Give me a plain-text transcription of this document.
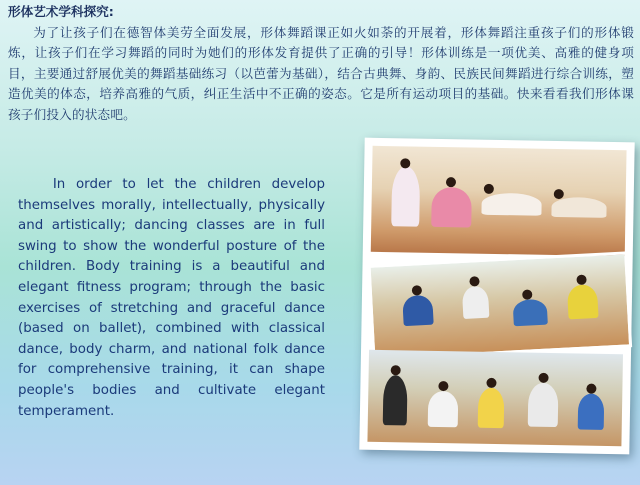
形体艺术学科探究:
为了让孩子们在德智体美劳全面发展，形体舞蹈课正如火如荼的开展着，形体舞蹈注重孩子们的形体锻炼，让孩子们在学习舞蹈的同时为她们的形体发育提供了正确的引导！形体训练是一项优美、高雅的健身项目，主要通过舒展优美的舞蹈基础练习（以芭蕾为基础），结合古典舞、身韵、民族民间舞蹈进行综合训练，塑造优美的体态，培养高雅的气质，纠正生活中不正确的姿态。它是所有运动项目的基础。快来看看我们形体课孩子们投入的状态吧。
In order to let the children develop themselves morally, intellectually, physically and artistically; dancing classes are in full swing to show the wonderful posture of the children. Body training is a beautiful and elegant fitness program; through the basic exercises of stretching and graceful dance (based on ballet), combined with classical dance, body charm, and national folk dance for comprehensive training, it can shape people's bodies and cultivate elegant temperament.
